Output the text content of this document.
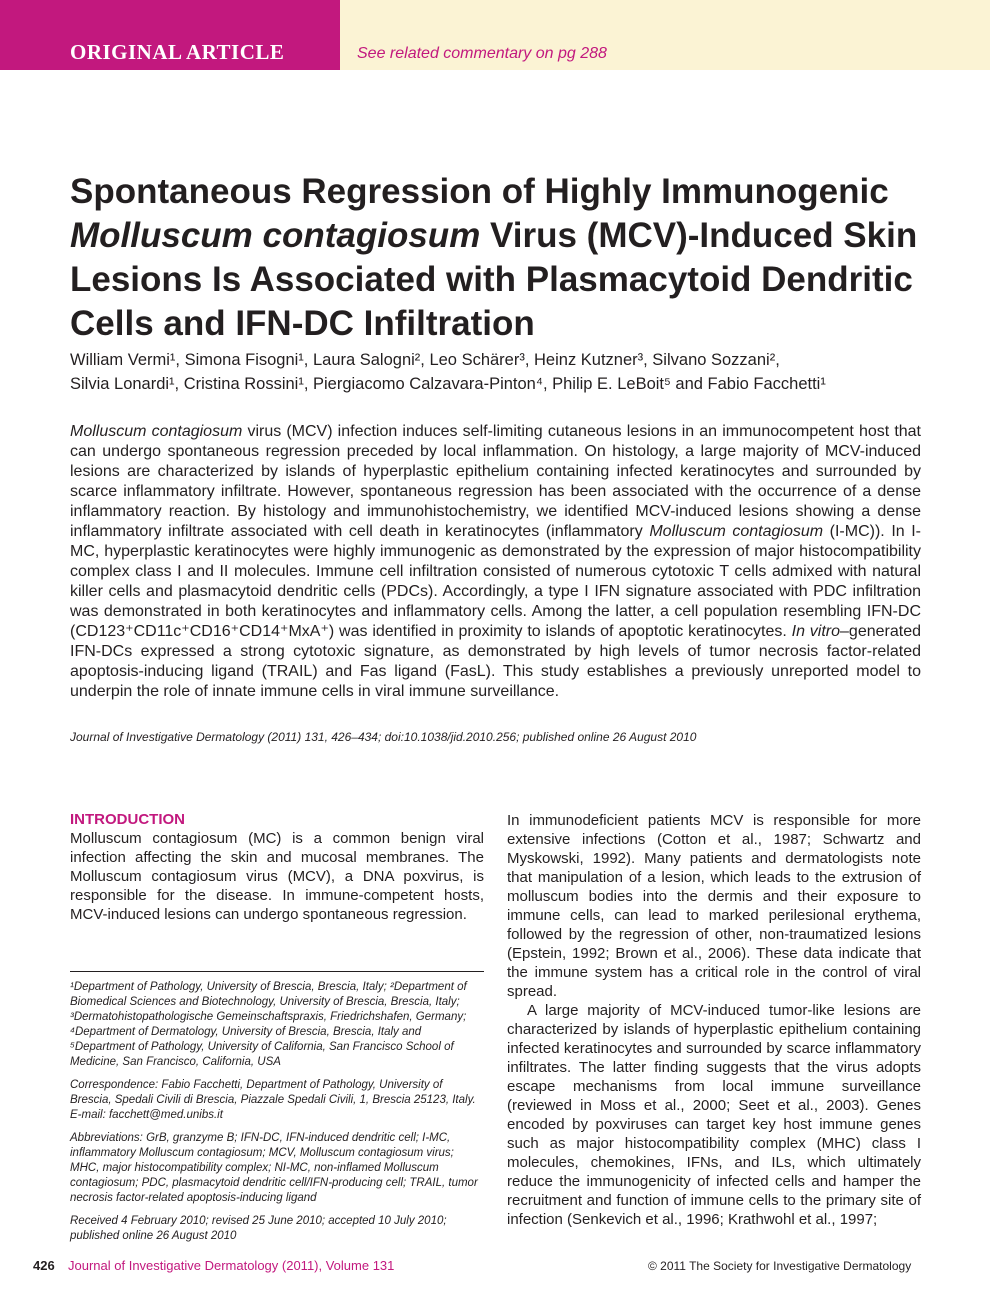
ORIGINAL ARTICLE	See related commentary on pg 288
Spontaneous Regression of Highly Immunogenic
Molluscum contagiosum Virus (MCV)-Induced Skin Lesions Is Associated with Plasmacytoid Dendritic Cells and IFN-DC Infiltration
William Vermi¹, Simona Fisogni¹, Laura Salogni², Leo Schärer³, Heinz Kutzner³, Silvano Sozzani²,
Silvia Lonardi¹, Cristina Rossini¹, Piergiacomo Calzavara-Pinton⁴, Philip E. LeBoit⁵ and Fabio Facchetti¹
Molluscum contagiosum virus (MCV) infection induces self-limiting cutaneous lesions in an immunocompetent host that can undergo spontaneous regression preceded by local inflammation. On histology, a large majority of MCV-induced lesions are characterized by islands of hyperplastic epithelium containing infected keratinocytes and surrounded by scarce inflammatory infiltrate. However, spontaneous regression has been associated with the occurrence of a dense inflammatory reaction. By histology and immunohistochemistry, we identified MCV-induced lesions showing a dense inflammatory infiltrate associated with cell death in keratinocytes (inflammatory Molluscum contagiosum (I-MC)). In I-MC, hyperplastic keratinocytes were highly immunogenic as demonstrated by the expression of major histocompatibility complex class I and II molecules. Immune cell infiltration consisted of numerous cytotoxic T cells admixed with natural killer cells and plasmacytoid dendritic cells (PDCs). Accordingly, a type I IFN signature associated with PDC infiltration was demonstrated in both keratinocytes and inflammatory cells. Among the latter, a cell population resembling IFN-DC (CD123⁺CD11c⁺CD16⁺CD14⁺MxA⁺) was identified in proximity to islands of apoptotic keratinocytes. In vitro–generated IFN-DCs expressed a strong cytotoxic signature, as demonstrated by high levels of tumor necrosis factor-related apoptosis-inducing ligand (TRAIL) and Fas ligand (FasL). This study establishes a previously unreported model to underpin the role of innate immune cells in viral immune surveillance.
Journal of Investigative Dermatology (2011) 131, 426–434; doi:10.1038/jid.2010.256; published online 26 August 2010
INTRODUCTION

Molluscum contagiosum (MC) is a common benign viral infection affecting the skin and mucosal membranes. The Molluscum contagiosum virus (MCV), a DNA poxvirus, is responsible for the disease. In immune-competent hosts, MCV-induced lesions can undergo spontaneous regression.

¹Department of Pathology, University of Brescia, Brescia, Italy; ²Department of Biomedical Sciences and Biotechnology, University of Brescia, Brescia, Italy; ³Dermatohistopathologische Gemeinschaftspraxis, Friedrichshafen, Germany; ⁴Department of Dermatology, University of Brescia, Brescia, Italy and ⁵Department of Pathology, University of California, San Francisco School of Medicine, San Francisco, California, USA

Correspondence: Fabio Facchetti, Department of Pathology, University of Brescia, Spedali Civili di Brescia, Piazzale Spedali Civili, 1, Brescia 25123, Italy. E-mail: facchett@med.unibs.it

Abbreviations: GrB, granzyme B; IFN-DC, IFN-induced dendritic cell; I-MC, inflammatory Molluscum contagiosum; MCV, Molluscum contagiosum virus; MHC, major histocompatibility complex; NI-MC, non-inflamed Molluscum contagiosum; PDC, plasmacytoid dendritic cell/IFN-producing cell; TRAIL, tumor necrosis factor-related apoptosis-inducing ligand

Received 4 February 2010; revised 25 June 2010; accepted 10 July 2010; published online 26 August 2010

In immunodeficient patients MCV is responsible for more extensive infections (Cotton et al., 1987; Schwartz and Myskowski, 1992). Many patients and dermatologists note that manipulation of a lesion, which leads to the extrusion of molluscum bodies into the dermis and their exposure to immune cells, can lead to marked perilesional erythema, followed by the regression of other, non-traumatized lesions (Epstein, 1992; Brown et al., 2006). These data indicate that the immune system has a critical role in the control of viral spread.

A large majority of MCV-induced tumor-like lesions are characterized by islands of hyperplastic epithelium containing infected keratinocytes and surrounded by scarce inflammatory infiltrates. The latter finding suggests that the virus adopts escape mechanisms from local immune surveillance (reviewed in Moss et al., 2000; Seet et al., 2003). Genes encoded by poxviruses can target key host immune genes such as major histocompatibility complex (MHC) class I molecules, chemokines, IFNs, and ILs, which ultimately reduce the immunogenicity of infected cells and hamper the recruitment and function of immune cells to the primary site of infection (Senkevich et al., 1996; Krathwohl et al., 1997;

426 Journal of Investigative Dermatology (2011), Volume 131	© 2011 The Society for Investigative Dermatology
